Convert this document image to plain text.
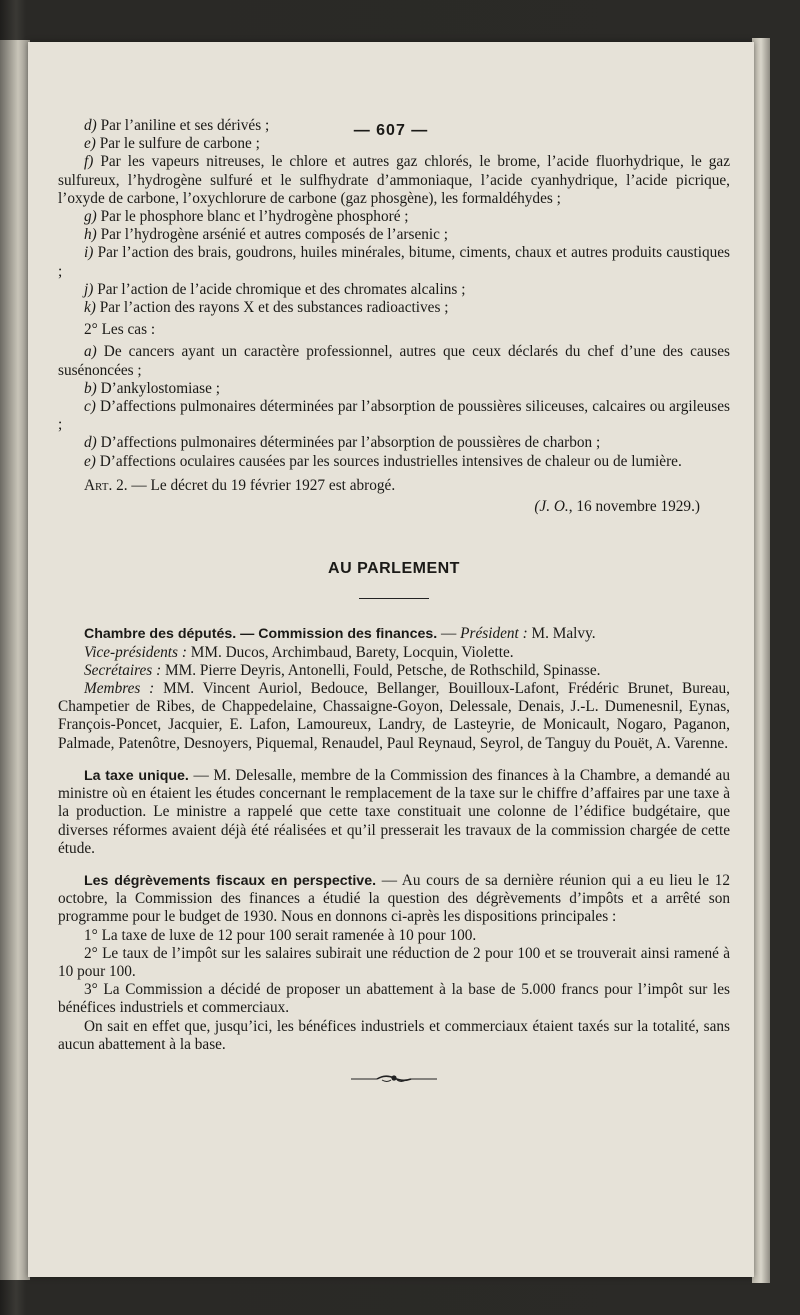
— 607 —

d) Par l’aniline et ses dérivés ;

e) Par le sulfure de carbone ;

f) Par les vapeurs nitreuses, le chlore et autres gaz chlorés, le brome, l’acide fluorhydrique, le gaz sulfureux, l’hydrogène sulfuré et le sulfhydrate d’ammoniaque, l’acide cyanhydrique, l’acide picrique, l’oxyde de carbone, l’oxychlorure de carbone (gaz phosgène), les formaldéhydes ;

g) Par le phosphore blanc et l’hydrogène phosphoré ;

h) Par l’hydrogène arsénié et autres composés de l’arsenic ;

i) Par l’action des brais, goudrons, huiles minérales, bitume, ciments, chaux et autres produits caustiques ;

j) Par l’action de l’acide chromique et des chromates alcalins ;

k) Par l’action des rayons X et des substances radioactives ;

2° Les cas :

a) De cancers ayant un caractère professionnel, autres que ceux déclarés du chef d’une des causes susénoncées ;

b) D’ankylostomiase ;

c) D’affections pulmonaires déterminées par l’absorption de poussières siliceuses, calcaires ou argileuses ;

d) D’affections pulmonaires déterminées par l’absorption de poussières de charbon ;

e) D’affections oculaires causées par les sources industrielles intensives de chaleur ou de lumière.

Art. 2. — Le décret du 19 février 1927 est abrogé.

(J. O., 16 novembre 1929.)

AU PARLEMENT

Chambre des députés. — Commission des finances. — Président : M. Malvy.

Vice-présidents : MM. Ducos, Archimbaud, Barety, Locquin, Violette.

Secrétaires : MM. Pierre Deyris, Antonelli, Fould, Petsche, de Rothschild, Spinasse.

Membres : MM. Vincent Auriol, Bedouce, Bellanger, Bouilloux-Lafont, Frédéric Brunet, Bureau, Champetier de Ribes, de Chappedelaine, Chassaigne-Goyon, Delessale, Denais, J.-L. Dumenesnil, Eynas, François-Poncet, Jacquier, E. Lafon, Lamoureux, Landry, de Lasteyrie, de Monicault, Nogaro, Paganon, Palmade, Patenôtre, Desnoyers, Piquemal, Renaudel, Paul Reynaud, Seyrol, de Tanguy du Pouët, A. Varenne.

La taxe unique. — M. Delesalle, membre de la Commission des finances à la Chambre, a demandé au ministre où en étaient les études concernant le remplacement de la taxe sur le chiffre d’affaires par une taxe à la production. Le ministre a rappelé que cette taxe constituait une colonne de l’édifice budgétaire, que diverses réformes avaient déjà été réalisées et qu’il presserait les travaux de la commission chargée de cette étude.

Les dégrèvements fiscaux en perspective. — Au cours de sa dernière réunion qui a eu lieu le 12 octobre, la Commission des finances a étudié la question des dégrèvements d’impôts et a arrêté son programme pour le budget de 1930. Nous en donnons ci-après les dispositions principales :

1° La taxe de luxe de 12 pour 100 serait ramenée à 10 pour 100.

2° Le taux de l’impôt sur les salaires subirait une réduction de 2 pour 100 et se trouverait ainsi ramené à 10 pour 100.

3° La Commission a décidé de proposer un abattement à la base de 5.000 francs pour l’impôt sur les bénéfices industriels et commerciaux.

On sait en effet que, jusqu’ici, les bénéfices industriels et commerciaux étaient taxés sur la totalité, sans aucun abattement à la base.
